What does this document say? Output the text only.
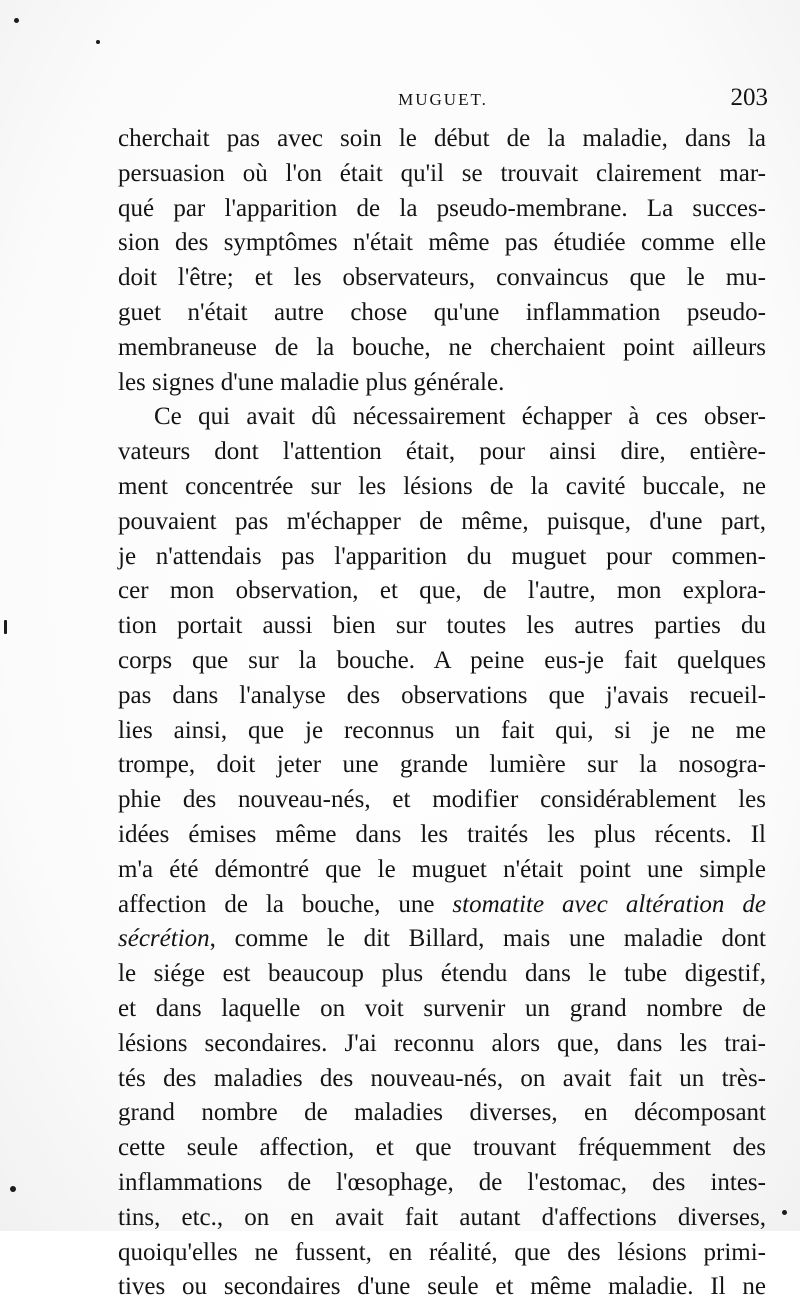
MUGUET.	203
cherchait pas avec soin le début de la maladie, dans la
persuasion où l'on était qu'il se trouvait clairement mar-
qué par l'apparition de la pseudo-membrane. La succes-
sion des symptômes n'était même pas étudiée comme elle
doit l'être; et les observateurs, convaincus que le mu-
guet n'était autre chose qu'une inflammation pseudo-
membraneuse de la bouche, ne cherchaient point ailleurs
les signes d'une maladie plus générale.
Ce qui avait dû nécessairement échapper à ces obser-
vateurs dont l'attention était, pour ainsi dire, entière-
ment concentrée sur les lésions de la cavité buccale, ne
pouvaient pas m'échapper de même, puisque, d'une part,
je n'attendais pas l'apparition du muguet pour commen-
cer mon observation, et que, de l'autre, mon explora-
tion portait aussi bien sur toutes les autres parties du
corps que sur la bouche. A peine eus-je fait quelques
pas dans l'analyse des observations que j'avais recueil-
lies ainsi, que je reconnus un fait qui, si je ne me
trompe, doit jeter une grande lumière sur la nosogra-
phie des nouveau-nés, et modifier considérablement les
idées émises même dans les traités les plus récents. Il
m'a été démontré que le muguet n'était point une simple
affection de la bouche, une stomatite avec altération de
sécrétion, comme le dit Billard, mais une maladie dont
le siége est beaucoup plus étendu dans le tube digestif,
et dans laquelle on voit survenir un grand nombre de
lésions secondaires. J'ai reconnu alors que, dans les trai-
tés des maladies des nouveau-nés, on avait fait un très-
grand nombre de maladies diverses, en décomposant
cette seule affection, et que trouvant fréquemment des
inflammations de l'œsophage, de l'estomac, des intes-
tins, etc., on en avait fait autant d'affections diverses,
quoiqu'elles ne fussent, en réalité, que des lésions primi-
tives ou secondaires d'une seule et même maladie. Il ne
